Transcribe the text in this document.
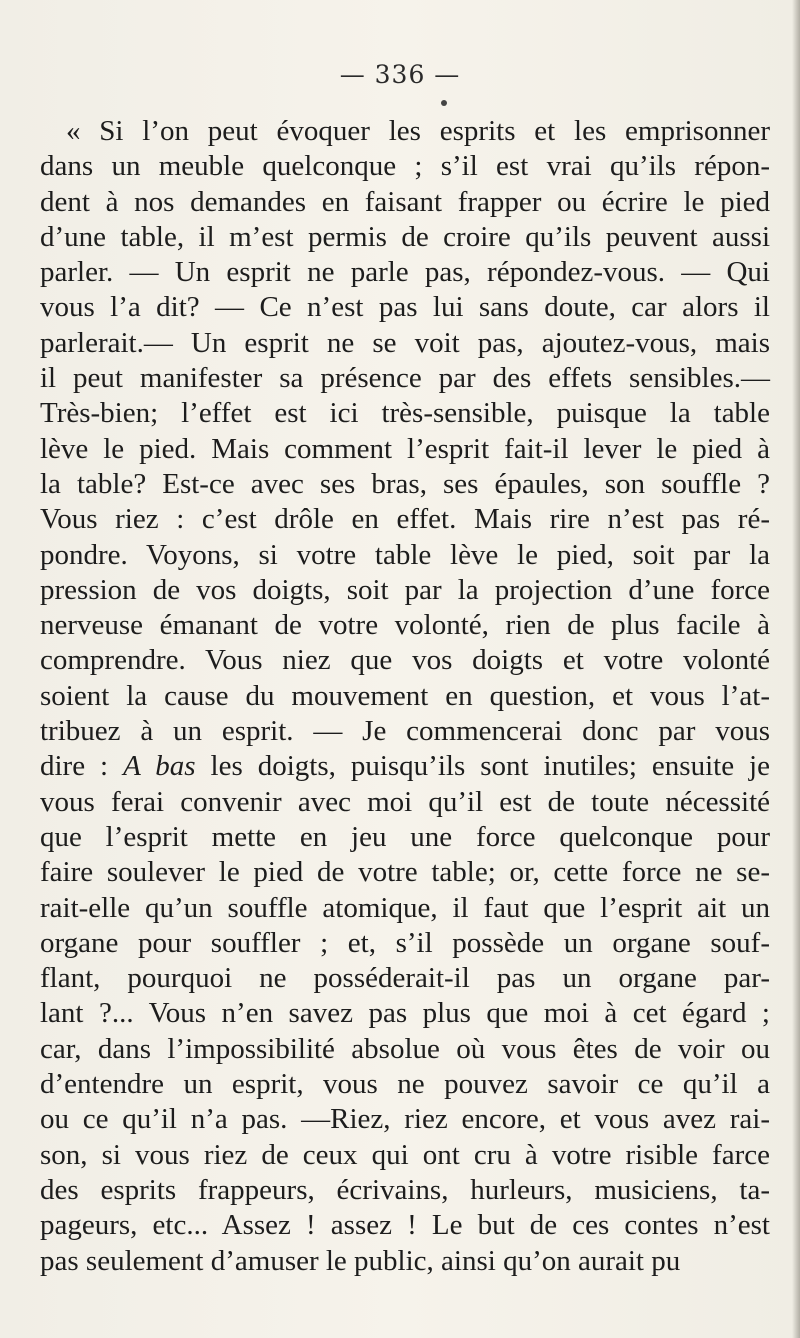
— 336 —
« Si l’on peut évoquer les esprits et les emprisonner
dans un meuble quelconque ; s’il est vrai qu’ils répon-
dent à nos demandes en faisant frapper ou écrire le pied
d’une table, il m’est permis de croire qu’ils peuvent aussi
parler. — Un esprit ne parle pas, répondez-vous. — Qui
vous l’a dit? — Ce n’est pas lui sans doute, car alors il
parlerait.— Un esprit ne se voit pas, ajoutez-vous, mais
il peut manifester sa présence par des effets sensibles.—
Très-bien; l’effet est ici très-sensible, puisque la table
lève le pied. Mais comment l’esprit fait-il lever le pied à
la table? Est-ce avec ses bras, ses épaules, son souffle ?
Vous riez : c’est drôle en effet. Mais rire n’est pas ré-
pondre. Voyons, si votre table lève le pied, soit par la
pression de vos doigts, soit par la projection d’une force
nerveuse émanant de votre volonté, rien de plus facile à
comprendre. Vous niez que vos doigts et votre volonté
soient la cause du mouvement en question, et vous l’at-
tribuez à un esprit. — Je commencerai donc par vous
dire : A bas les doigts, puisqu’ils sont inutiles; ensuite je
vous ferai convenir avec moi qu’il est de toute nécessité
que l’esprit mette en jeu une force quelconque pour
faire soulever le pied de votre table; or, cette force ne se-
rait-elle qu’un souffle atomique, il faut que l’esprit ait un
organe pour souffler ; et, s’il possède un organe souf-
flant, pourquoi ne posséderait-il pas un organe par-
lant ?... Vous n’en savez pas plus que moi à cet égard ;
car, dans l’impossibilité absolue où vous êtes de voir ou
d’entendre un esprit, vous ne pouvez savoir ce qu’il a
ou ce qu’il n’a pas. —Riez, riez encore, et vous avez rai-
son, si vous riez de ceux qui ont cru à votre risible farce
des esprits frappeurs, écrivains, hurleurs, musiciens, ta-
pageurs, etc... Assez ! assez ! Le but de ces contes n’est
pas seulement d’amuser le public, ainsi qu’on aurait pu
